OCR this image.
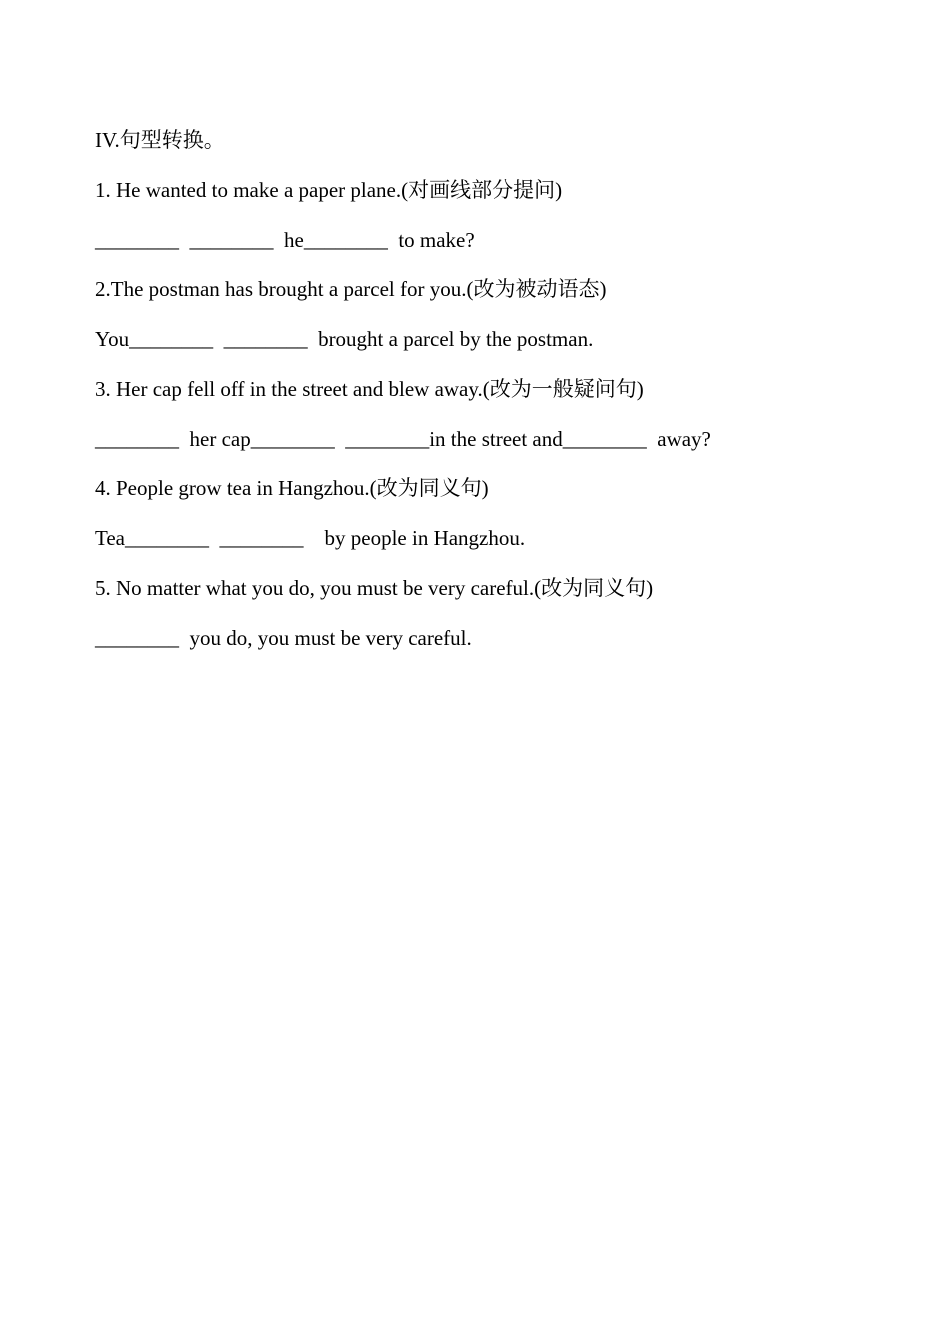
IV.句型转换。
1. He wanted to make a paper plane.(对画线部分提问)
________  ________  he________  to make?
2.The postman has brought a parcel for you.(改为被动语态)
You________  ________  brought a parcel by the postman.
3. Her cap fell off in the street and blew away.(改为一般疑问句)
________  her cap________  ________in the street and________  away?
4. People grow tea in Hangzhou.(改为同义句)
Tea________  ________    by people in Hangzhou.
5. No matter what you do, you must be very careful.(改为同义句)
________  you do, you must be very careful.
